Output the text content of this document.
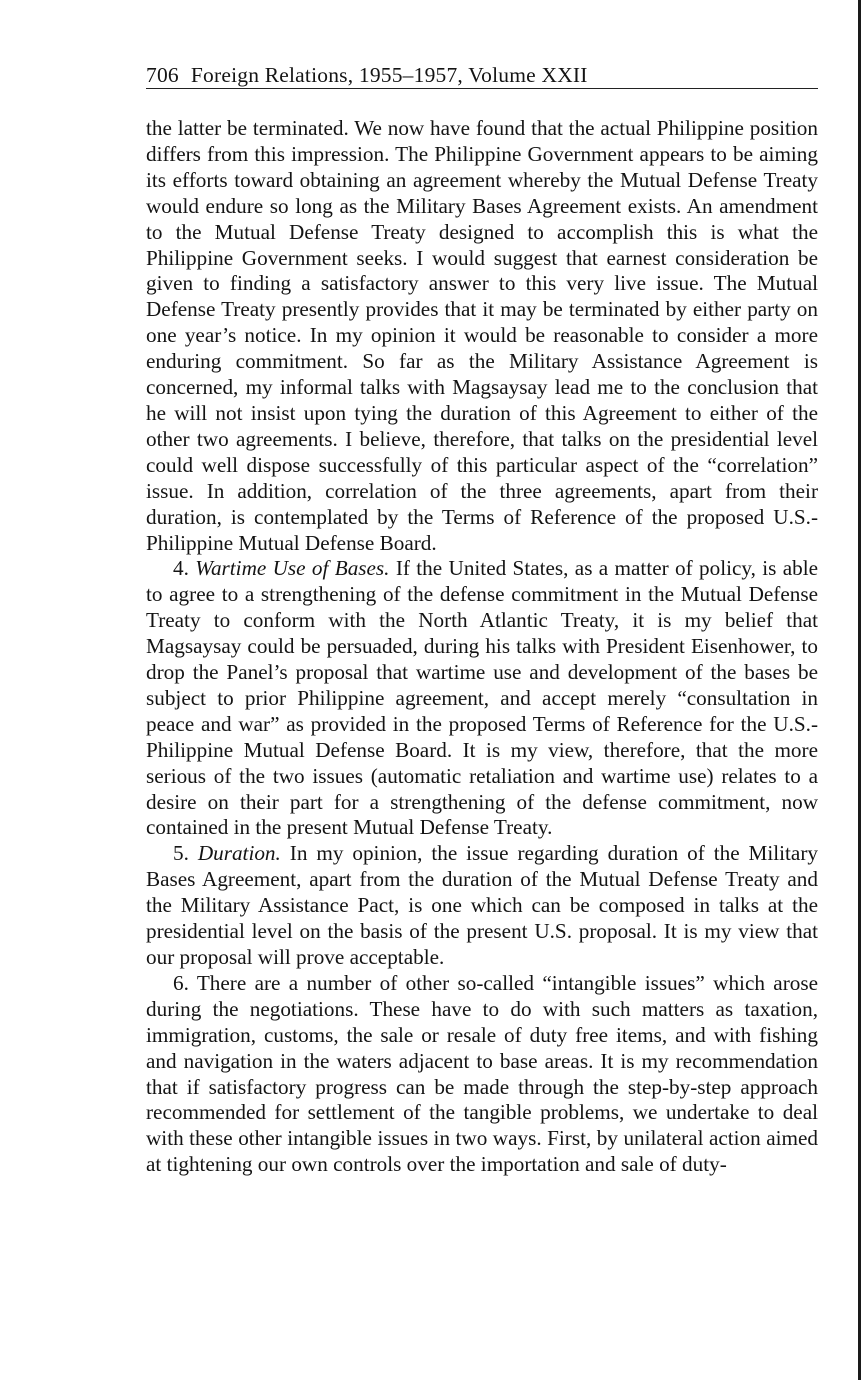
706 Foreign Relations, 1955–1957, Volume XXII

the latter be terminated. We now have found that the actual Philippine position differs from this impression. The Philippine Government appears to be aiming its efforts toward obtaining an agreement whereby the Mutual Defense Treaty would endure so long as the Military Bases Agreement exists. An amendment to the Mutual Defense Treaty designed to accomplish this is what the Philippine Government seeks. I would suggest that earnest consideration be given to finding a satisfactory answer to this very live issue. The Mutual Defense Treaty presently provides that it may be terminated by either party on one year’s notice. In my opinion it would be reasonable to consider a more enduring commitment. So far as the Military Assistance Agreement is concerned, my informal talks with Magsaysay lead me to the conclusion that he will not insist upon tying the duration of this Agreement to either of the other two agreements. I believe, therefore, that talks on the presidential level could well dispose successfully of this particular aspect of the “correlation” issue. In addition, correlation of the three agreements, apart from their duration, is contemplated by the Terms of Reference of the proposed U.S.-Philippine Mutual Defense Board.

4. Wartime Use of Bases. If the United States, as a matter of policy, is able to agree to a strengthening of the defense commitment in the Mutual Defense Treaty to conform with the North Atlantic Treaty, it is my belief that Magsaysay could be persuaded, during his talks with President Eisenhower, to drop the Panel’s proposal that wartime use and development of the bases be subject to prior Philippine agreement, and accept merely “consultation in peace and war” as provided in the proposed Terms of Reference for the U.S.-Philippine Mutual Defense Board. It is my view, therefore, that the more serious of the two issues (automatic retaliation and wartime use) relates to a desire on their part for a strengthening of the defense commitment, now contained in the present Mutual Defense Treaty.

5. Duration. In my opinion, the issue regarding duration of the Military Bases Agreement, apart from the duration of the Mutual Defense Treaty and the Military Assistance Pact, is one which can be composed in talks at the presidential level on the basis of the present U.S. proposal. It is my view that our proposal will prove acceptable.

6. There are a number of other so-called “intangible issues” which arose during the negotiations. These have to do with such matters as taxation, immigration, customs, the sale or resale of duty free items, and with fishing and navigation in the waters adjacent to base areas. It is my recommendation that if satisfactory progress can be made through the step-by-step approach recommended for settlement of the tangible problems, we undertake to deal with these other intangible issues in two ways. First, by unilateral action aimed at tightening our own controls over the importation and sale of duty-
